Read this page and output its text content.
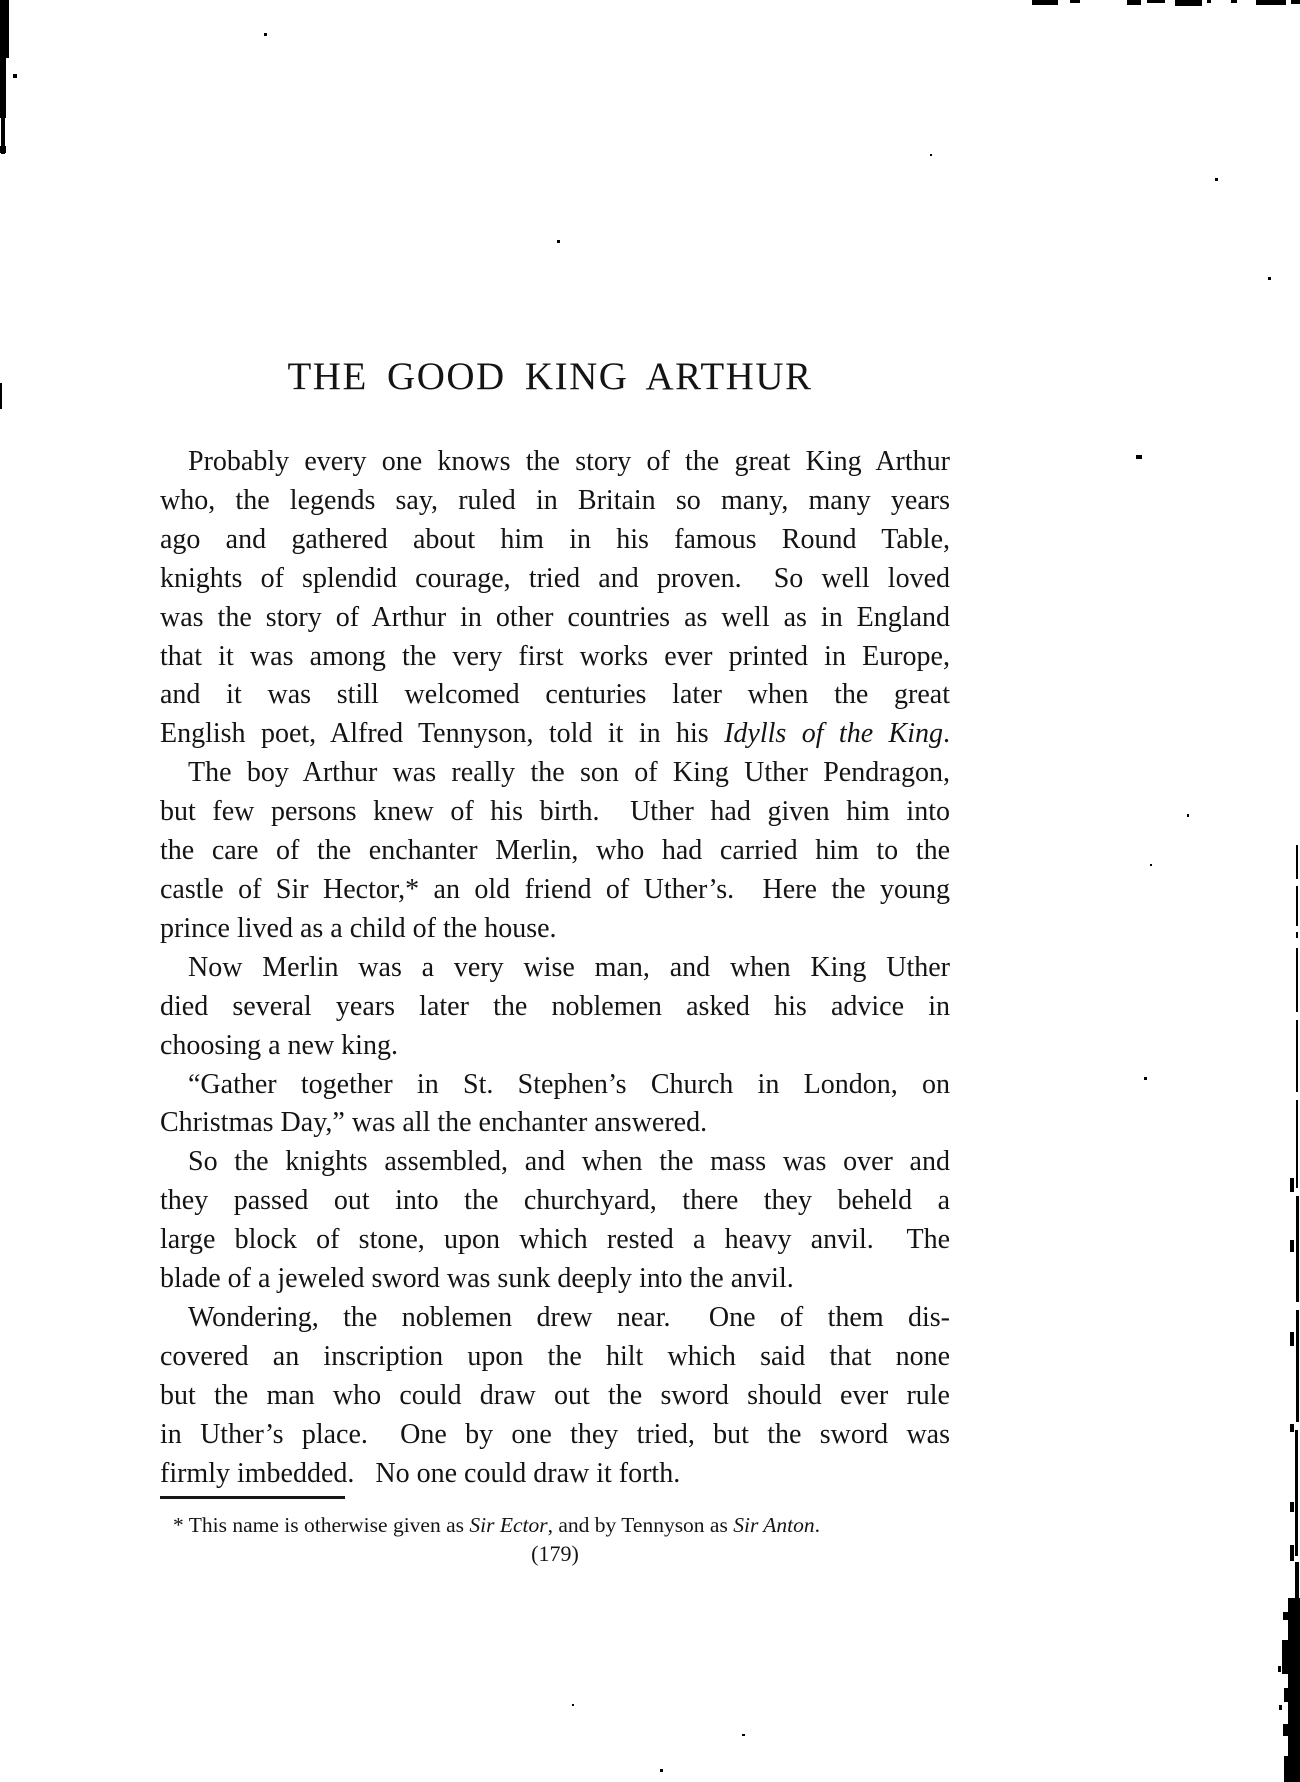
THE GOOD KING ARTHUR
Probably every one knows the story of the great King Arthur
who, the legends say, ruled in Britain so many, many years
ago and gathered about him in his famous Round Table,
knights of splendid courage, tried and proven.  So well loved
was the story of Arthur in other countries as well as in England
that it was among the very first works ever printed in Europe,
and it was still welcomed centuries later when the great
English poet, Alfred Tennyson, told it in his Idylls of the King.
The boy Arthur was really the son of King Uther Pendragon,
but few persons knew of his birth.  Uther had given him into
the care of the enchanter Merlin, who had carried him to the
castle of Sir Hector,* an old friend of Uther’s.  Here the young
prince lived as a child of the house.
Now Merlin was a very wise man, and when King Uther
died several years later the noblemen asked his advice in
choosing a new king.
“Gather together in St. Stephen’s Church in London, on
Christmas Day,” was all the enchanter answered.
So the knights assembled, and when the mass was over and
they passed out into the churchyard, there they beheld a
large block of stone, upon which rested a heavy anvil.  The
blade of a jeweled sword was sunk deeply into the anvil.
Wondering, the noblemen drew near.  One of them dis-
covered an inscription upon the hilt which said that none
but the man who could draw out the sword should ever rule
in Uther’s place.  One by one they tried, but the sword was
firmly imbedded.  No one could draw it forth.
* This name is otherwise given as Sir Ector, and by Tennyson as Sir Anton.
(179)
